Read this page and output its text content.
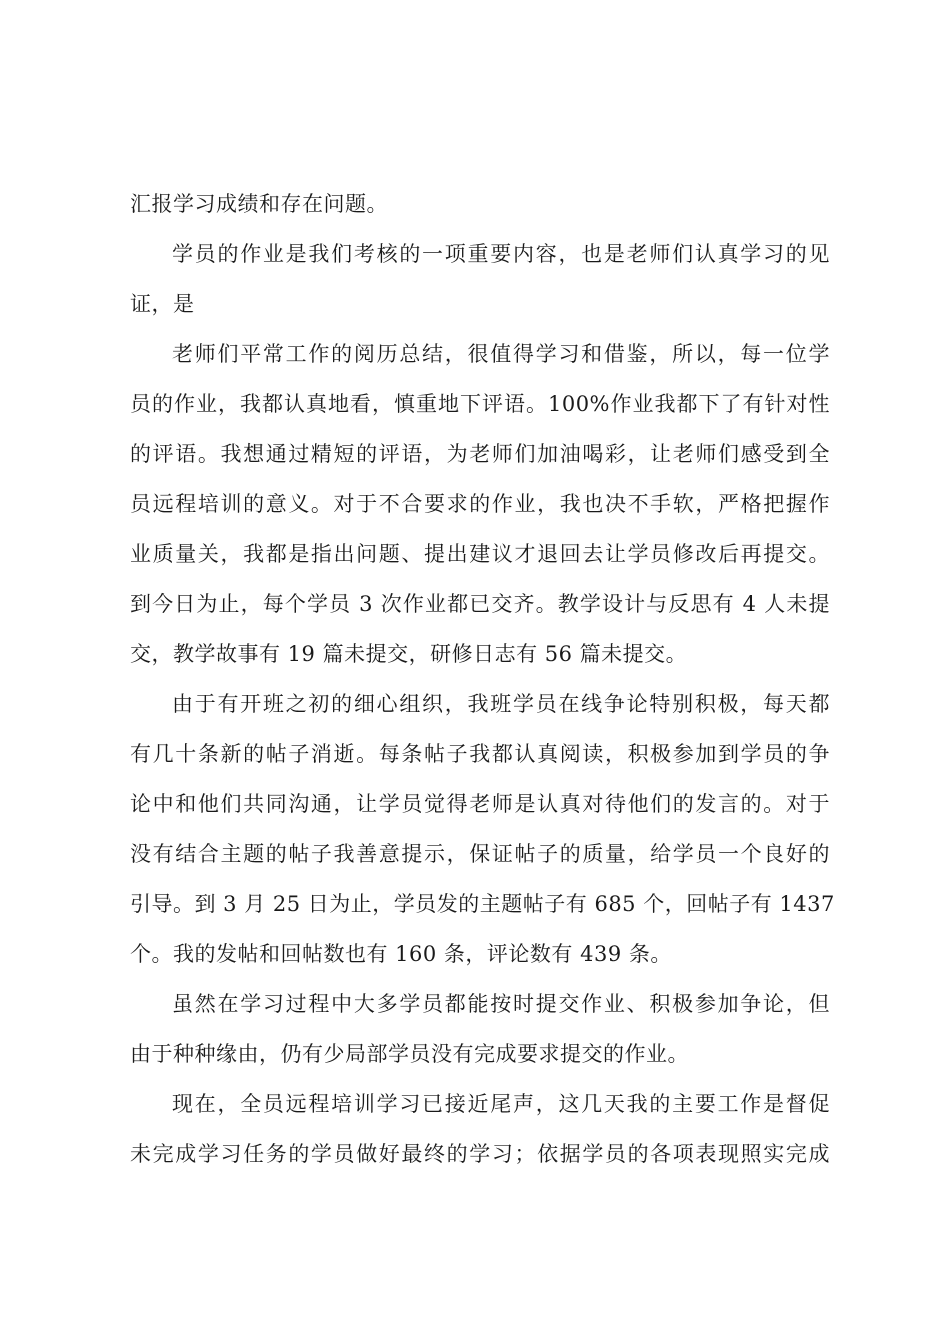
汇报学习成绩和存在问题。
学员的作业是我们考核的一项重要内容，也是老师们认真学习的见
证，是
老师们平常工作的阅历总结，很值得学习和借鉴，所以，每一位学
员的作业，我都认真地看，慎重地下评语。100%作业我都下了有针对性
的评语。我想通过精短的评语，为老师们加油喝彩，让老师们感受到全
员远程培训的意义。对于不合要求的作业，我也决不手软，严格把握作
业质量关，我都是指出问题、提出建议才退回去让学员修改后再提交。
到今日为止，每个学员 3 次作业都已交齐。教学设计与反思有 4 人未提
交，教学故事有 19 篇未提交，研修日志有 56 篇未提交。
由于有开班之初的细心组织，我班学员在线争论特别积极，每天都
有几十条新的帖子消逝。每条帖子我都认真阅读，积极参加到学员的争
论中和他们共同沟通，让学员觉得老师是认真对待他们的发言的。对于
没有结合主题的帖子我善意提示，保证帖子的质量，给学员一个良好的
引导。到 3 月 25 日为止，学员发的主题帖子有 685 个，回帖子有 1437
个。我的发帖和回帖数也有 160 条，评论数有 439 条。
虽然在学习过程中大多学员都能按时提交作业、积极参加争论，但
由于种种缘由，仍有少局部学员没有完成要求提交的作业。
现在，全员远程培训学习已接近尾声，这几天我的主要工作是督促
未完成学习任务的学员做好最终的学习；依据学员的各项表现照实完成
